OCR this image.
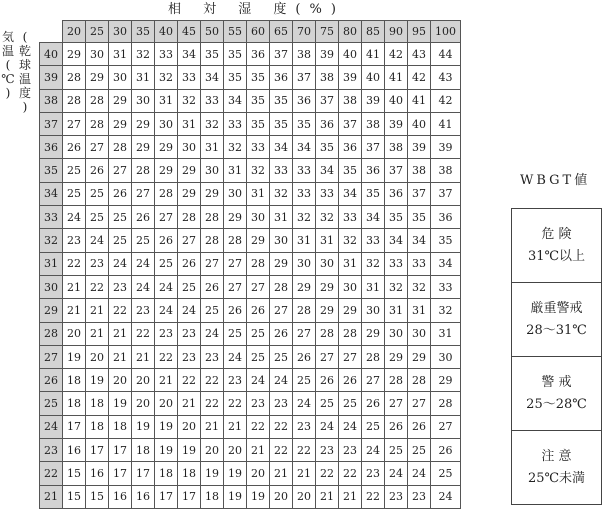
相 対 湿 度(%)
気
温
(
℃
)
(
乾
球
温
度
)
	20	25	30	35	40	45	50	55	60	65	70	75	80	85	90	95	100
40	29	30	31	32	33	34	35	35	36	37	38	39	40	41	42	43	44
39	28	29	30	31	32	33	34	35	35	36	37	38	39	40	41	42	43
38	28	28	29	30	31	32	33	34	35	35	36	37	38	39	40	41	42
37	27	28	29	29	30	31	32	33	35	35	35	36	37	38	39	40	41
36	26	27	28	29	29	30	31	32	33	34	34	35	36	37	38	39	39
35	25	26	27	28	29	29	30	31	32	33	33	34	35	36	37	38	38
34	25	25	26	27	28	29	29	30	31	32	33	33	34	35	36	37	37
33	24	25	25	26	27	28	28	29	30	31	32	32	33	34	35	35	36
32	23	24	25	25	26	27	28	28	29	30	31	31	32	33	34	34	35
31	22	23	24	24	25	26	27	27	28	29	30	30	31	32	33	33	34
30	21	22	23	24	24	25	26	27	27	28	29	29	30	31	32	32	33
29	21	21	22	23	24	24	25	26	26	27	28	29	29	30	31	31	32
28	20	21	21	22	23	23	24	25	25	26	27	28	28	29	30	30	31
27	19	20	21	21	22	23	23	24	25	25	26	27	27	28	29	29	30
26	18	19	20	20	21	22	22	23	24	24	25	26	26	27	28	28	29
25	18	18	19	20	20	21	22	22	23	23	24	25	25	26	27	27	28
24	17	18	18	19	19	20	21	21	22	22	23	24	24	25	26	26	27
23	16	17	17	18	19	19	20	20	21	22	22	23	23	24	25	25	26
22	15	16	17	17	18	18	19	19	20	21	21	22	22	23	24	24	25
21	15	15	16	16	17	17	18	19	19	20	20	21	21	22	23	23	24
WBGT値
危 険
31℃以上
厳重警戒
28〜31℃
警 戒
25〜28℃
注 意
25℃未満
